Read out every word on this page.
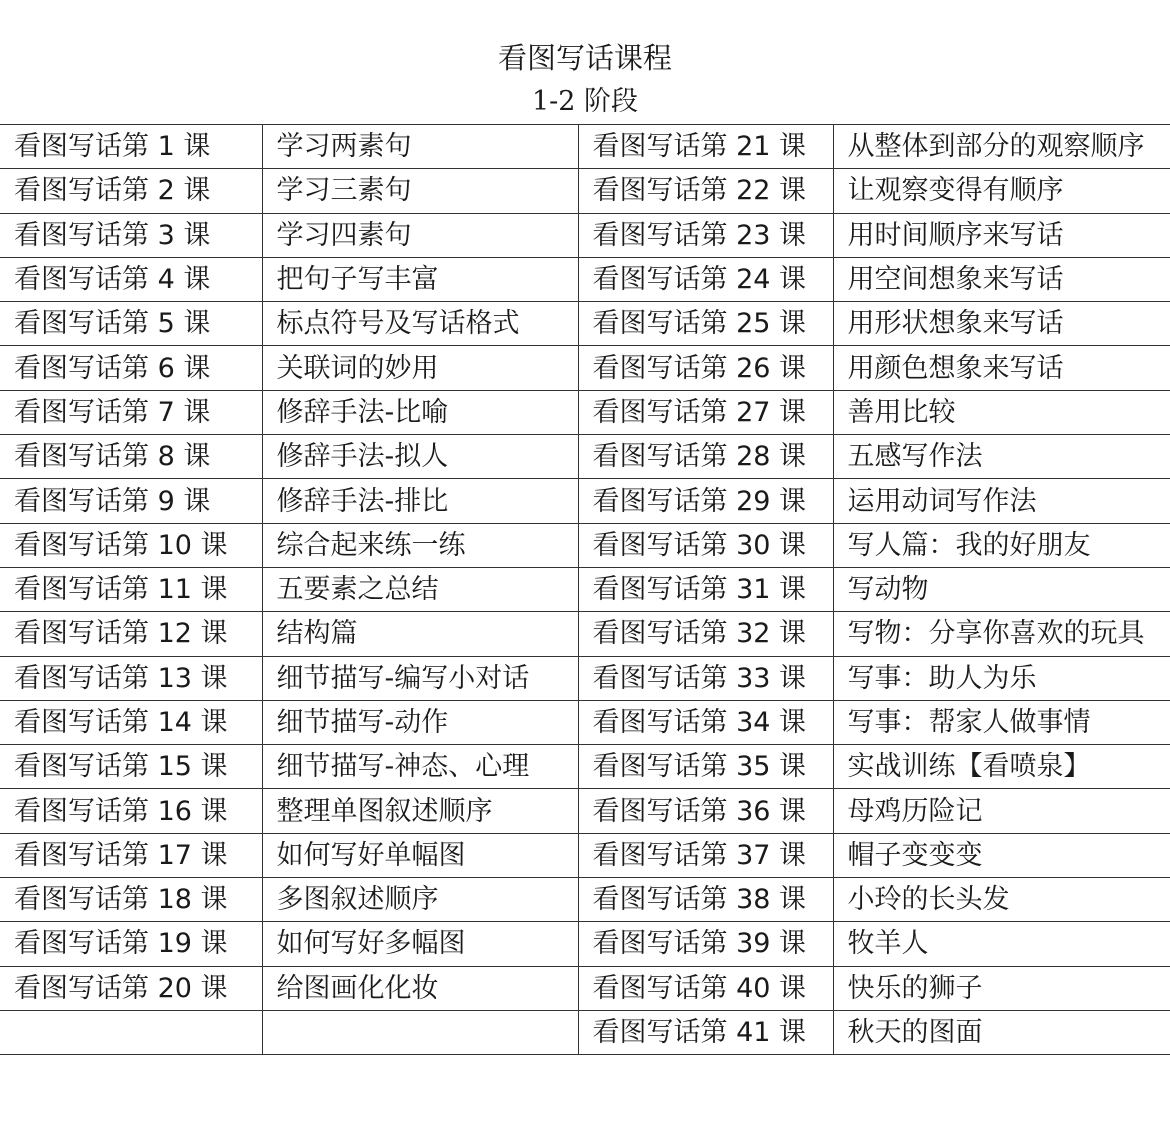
看图写话课程
1-2 阶段
看图写话第 1 课	学习两素句	看图写话第 21 课	从整体到部分的观察顺序
看图写话第 2 课	学习三素句	看图写话第 22 课	让观察变得有顺序
看图写话第 3 课	学习四素句	看图写话第 23 课	用时间顺序来写话
看图写话第 4 课	把句子写丰富	看图写话第 24 课	用空间想象来写话
看图写话第 5 课	标点符号及写话格式	看图写话第 25 课	用形状想象来写话
看图写话第 6 课	关联词的妙用	看图写话第 26 课	用颜色想象来写话
看图写话第 7 课	修辞手法-比喻	看图写话第 27 课	善用比较
看图写话第 8 课	修辞手法-拟人	看图写话第 28 课	五感写作法
看图写话第 9 课	修辞手法-排比	看图写话第 29 课	运用动词写作法
看图写话第 10 课	综合起来练一练	看图写话第 30 课	写人篇：我的好朋友
看图写话第 11 课	五要素之总结	看图写话第 31 课	写动物
看图写话第 12 课	结构篇	看图写话第 32 课	写物：分享你喜欢的玩具
看图写话第 13 课	细节描写-编写小对话	看图写话第 33 课	写事：助人为乐
看图写话第 14 课	细节描写-动作	看图写话第 34 课	写事：帮家人做事情
看图写话第 15 课	细节描写-神态、心理	看图写话第 35 课	实战训练【看喷泉】
看图写话第 16 课	整理单图叙述顺序	看图写话第 36 课	母鸡历险记
看图写话第 17 课	如何写好单幅图	看图写话第 37 课	帽子变变变
看图写话第 18 课	多图叙述顺序	看图写话第 38 课	小玲的长头发
看图写话第 19 课	如何写好多幅图	看图写话第 39 课	牧羊人
看图写话第 20 课	给图画化化妆	看图写话第 40 课	快乐的狮子
		看图写话第 41 课	秋天的图面
